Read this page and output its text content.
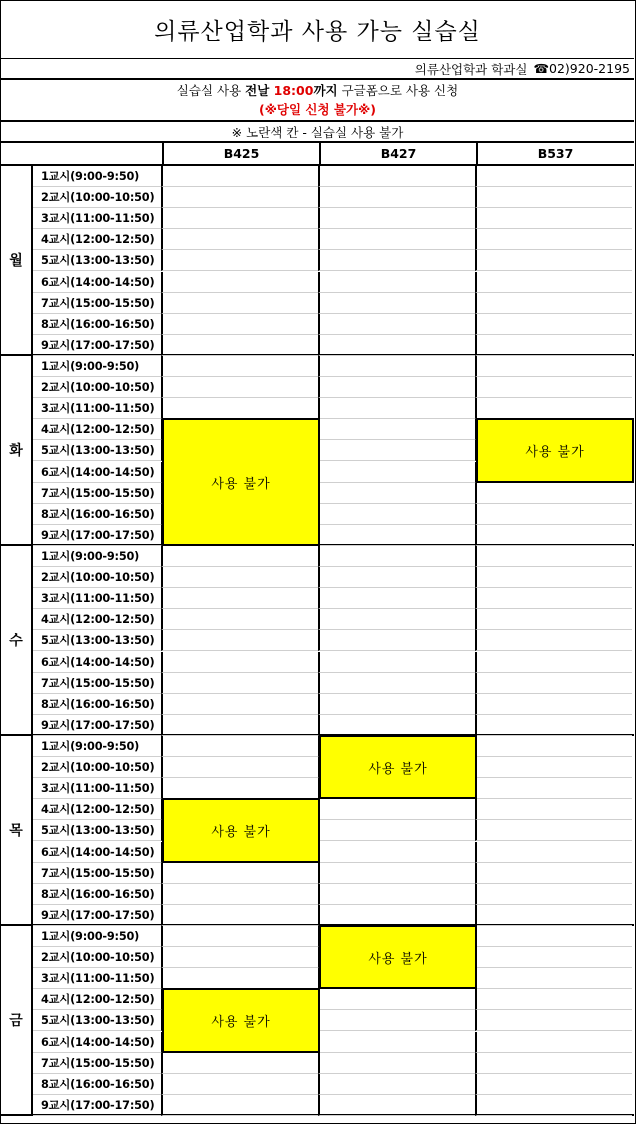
의류산업학과 사용 가능 실습실
의류산업학과 학과실 ☎02)920-2195
실습실 사용 전날 18:00까지 구글폼으로 사용 신청
(※당일 신청 불가※)
※ 노란색 칸 - 실습실 사용 불가
B425	B427	B537
월
1교시(9:00-9:50)
2교시(10:00-10:50)
3교시(11:00-11:50)
4교시(12:00-12:50)
5교시(13:00-13:50)
6교시(14:00-14:50)
7교시(15:00-15:50)
8교시(16:00-16:50)
9교시(17:00-17:50)
화
1교시(9:00-9:50)
2교시(10:00-10:50)
3교시(11:00-11:50)
4교시(12:00-12:50)
5교시(13:00-13:50)
6교시(14:00-14:50)
7교시(15:00-15:50)
8교시(16:00-16:50)
9교시(17:00-17:50)
사용 불가
사용 불가
수
1교시(9:00-9:50)
2교시(10:00-10:50)
3교시(11:00-11:50)
4교시(12:00-12:50)
5교시(13:00-13:50)
6교시(14:00-14:50)
7교시(15:00-15:50)
8교시(16:00-16:50)
9교시(17:00-17:50)
목
1교시(9:00-9:50)
2교시(10:00-10:50)
3교시(11:00-11:50)
4교시(12:00-12:50)
5교시(13:00-13:50)
6교시(14:00-14:50)
7교시(15:00-15:50)
8교시(16:00-16:50)
9교시(17:00-17:50)
사용 불가
사용 불가
금
1교시(9:00-9:50)
2교시(10:00-10:50)
3교시(11:00-11:50)
4교시(12:00-12:50)
5교시(13:00-13:50)
6교시(14:00-14:50)
7교시(15:00-15:50)
8교시(16:00-16:50)
9교시(17:00-17:50)
사용 불가
사용 불가
